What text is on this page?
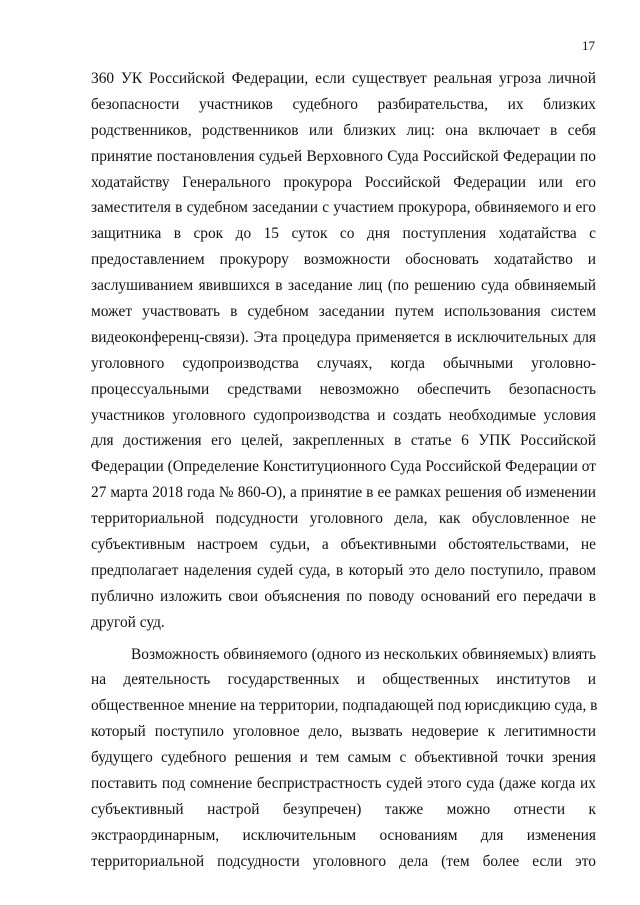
17
360 УК Российской Федерации, если существует реальная угроза личной
безопасности участников судебного разбирательства, их близких
родственников, родственников или близких лиц: она включает в себя
принятие постановления судьей Верховного Суда Российской Федерации по
ходатайству Генерального прокурора Российской Федерации или его
заместителя в судебном заседании с участием прокурора, обвиняемого и его
защитника в срок до 15 суток со дня поступления ходатайства с
предоставлением прокурору возможности обосновать ходатайство и
заслушиванием явившихся в заседание лиц (по решению суда обвиняемый
может участвовать в судебном заседании путем использования систем
видеоконференц-связи). Эта процедура применяется в исключительных для
уголовного судопроизводства случаях, когда обычными уголовно-
процессуальными средствами невозможно обеспечить безопасность
участников уголовного судопроизводства и создать необходимые условия
для достижения его целей, закрепленных в статье 6 УПК Российской
Федерации (Определение Конституционного Суда Российской Федерации от
27 марта 2018 года № 860-О), а принятие в ее рамках решения об изменении
территориальной подсудности уголовного дела, как обусловленное не
субъективным настроем судьи, а объективными обстоятельствами, не
предполагает наделения судей суда, в который это дело поступило, правом
публично изложить свои объяснения по поводу оснований его передачи в
другой суд.
Возможность обвиняемого (одного из нескольких обвиняемых) влиять
на деятельность государственных и общественных институтов и
общественное мнение на территории, подпадающей под юрисдикцию суда, в
который поступило уголовное дело, вызвать недоверие к легитимности
будущего судебного решения и тем самым с объективной точки зрения
поставить под сомнение беспристрастность судей этого суда (даже когда их
субъективный настрой безупречен) также можно отнести к
экстраординарным, исключительным основаниям для изменения
территориальной подсудности уголовного дела (тем более если это
